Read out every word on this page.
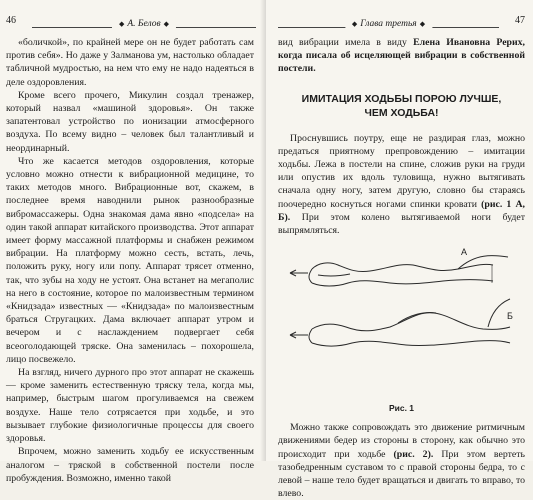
46	◆ А. Белов ◆

«боличкой», по крайней мере он не будет работать сам против себя». Но даже у Залманова ум, настолько обладает табличной мудростью, на нем что ему не надо надеяться в деле оздоровления.

Кроме всего прочего, Микулин создал тренажер, который назвал «машиной здоровья». Он также запатентовал устройство по ионизации атмосферного воздуха. По всему видно – человек был талантливый и неординарный.

Что же касается методов оздоровления, которые условно можно отнести к вибрационной медицине, то таких методов много. Вибрационные вот, скажем, в последнее время наводнили рынок разнообразные вибромассажеры. Одна знакомая дама явно «подсела» на один такой аппарат китайского производства. Этот аппарат имеет форму массажной платформы и снабжен режимом вибрации. На платформу можно сесть, встать, лечь, положить руку, ногу или попу. Аппарат трясет отменно, так, что зубы на ходу не устоят. Она встанет на мегаполис на него в состояние, которое по малоизвестным термином «Книдзада» известных — «Книдзада» по малоизвестным браться Стругацких. Дама включает аппарат утром и вечером и с наслаждением подвергает себя всеоголодающей тряске. Она заменилась – похорошела, лицо посвежело.

На взгляд, ничего дурного про этот аппарат не скажешь — кроме заменить естественную тряску тела, когда мы, например, быстрым шагом прогуливаемся на свежем воздухе. Наше тело сотрясается при ходьбе, и это вызывает глубокие физиологичные процессы для своего здоровья.

Впрочем, можно заменить ходьбу ее искусственным аналогом – тряской в собственной постели после пробуждения. Возможно, именно такой

◆ Глава третья ◆	47

вид вибрации имела в виду Елена Ивановна Рерих, когда писала об исцеляющей вибрации в собственной постели.

ИМИТАЦИЯ ХОДЬБЫ ПОРОЮ ЛУЧШЕ,
ЧЕМ ХОДЬБА!

Проснувшись поутру, еще не раздирая глаз, можно предаться приятному препровождению – имитации ходьбы. Лежа в постели на спине, сложив руки на груди или опустив их вдоль туловища, нужно вытягивать сначала одну ногу, затем другую, словно бы стараясь поочередно коснуться ногами спинки кровати (рис. 1 А, Б). При этом колено вытягиваемой ноги будет выпрямляться.

А
Б
Рис. 1

Можно также сопровождать это движение ритмичным движениями бедер из стороны в сторону, как обычно это происходит при ходьбе (рис. 2). При этом вертеть тазобедренным суставом то с правой стороны бедра, то с левой – наше тело будет вращаться и двигать то вправо, то влево.
